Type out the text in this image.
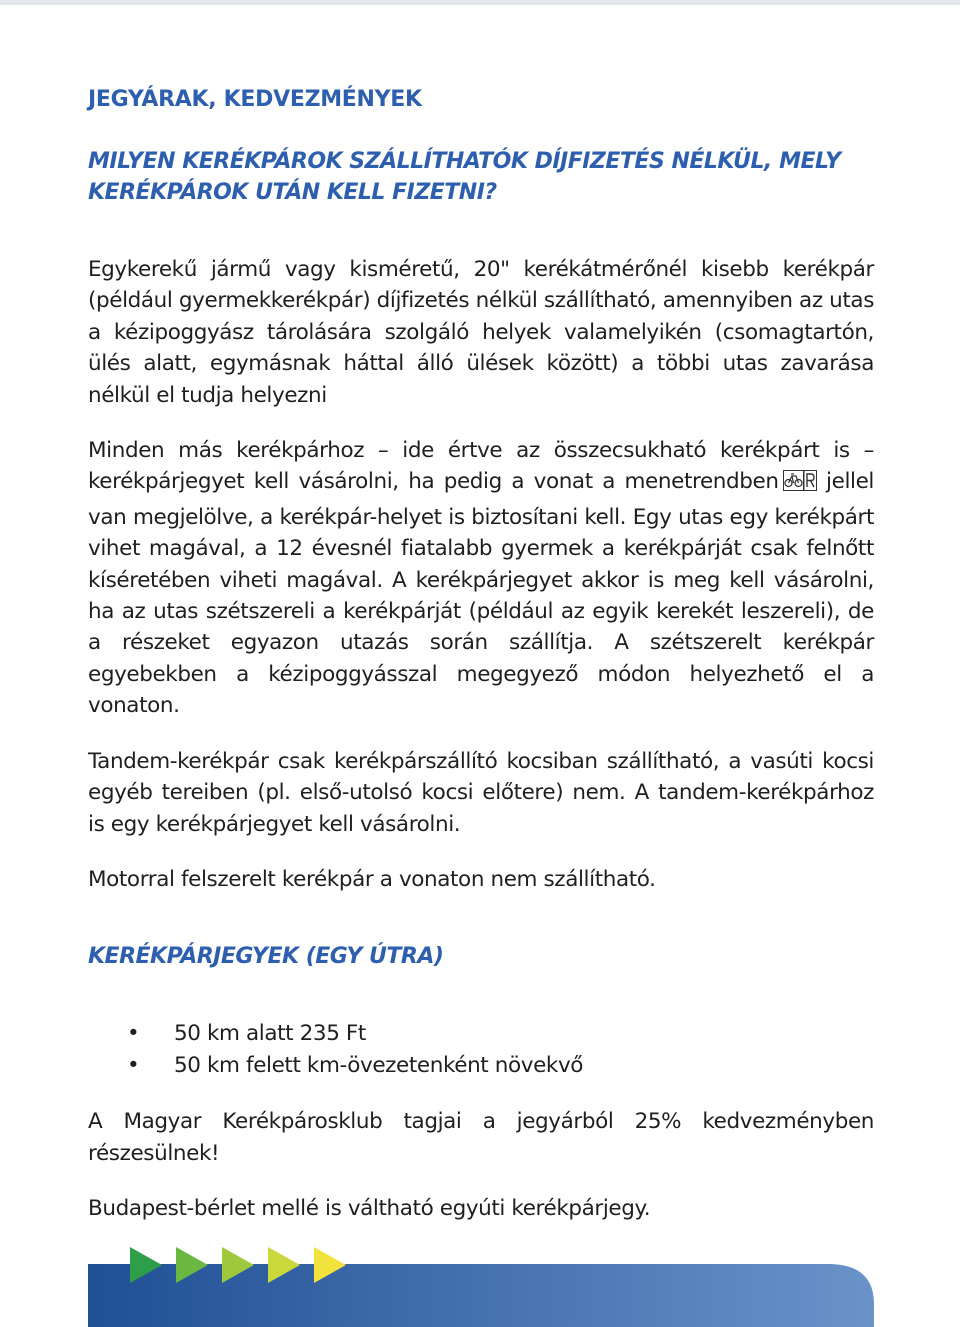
JEGYÁRAK, KEDVEZMÉNYEK
MILYEN KERÉKPÁROK SZÁLLÍTHATÓK DÍJFIZETÉS NÉLKÜL, MELY KERÉKPÁROK UTÁN KELL FIZETNI?

Egykerekű jármű vagy kisméretű, 20" kerékátmérőnél kisebb kerékpár (például gyermekkerékpár) díjfizetés nélkül szállítható, amennyiben az utas a kézipoggyász tárolására szolgáló helyek valamelyikén (csomagtartón, ülés alatt, egymásnak háttal álló ülések között) a többi utas zavarása nélkül el tudja helyezni

Minden más kerékpárhoz – ide értve az összecsukható kerékpárt is – kerékpárjegyet kell vásárolni, ha pedig a vonat a menetrendben jellel van megjelölve, a kerékpár-helyet is biztosítani kell. Egy utas egy kerékpárt vihet magával, a 12 évesnél fiatalabb gyermek a kerékpárját csak felnőtt kíséretében viheti magával. A kerékpárjegyet akkor is meg kell vásárolni, ha az utas szétszereli a kerékpárját (például az egyik kerekét leszereli), de a részeket egyazon utazás során szállítja. A szétszerelt kerékpár egyebekben a kézipoggyásszal megegyező módon helyezhető el a vonaton.

Tandem-kerékpár csak kerékpárszállító kocsiban szállítható, a vasúti kocsi egyéb tereiben (pl. első-utolsó kocsi előtere) nem. A tandem-kerékpárhoz is egy kerékpárjegyet kell vásárolni.

Motorral felszerelt kerékpár a vonaton nem szállítható.

KERÉKPÁRJEGYEK (EGY ÚTRA)
• 50 km alatt 235 Ft
• 50 km felett km-övezetenként növekvő

A Magyar Kerékpárosklub tagjai a jegyárból 25% kedvezményben részesülnek!

Budapest-bérlet mellé is váltható egyúti kerékpárjegy.
